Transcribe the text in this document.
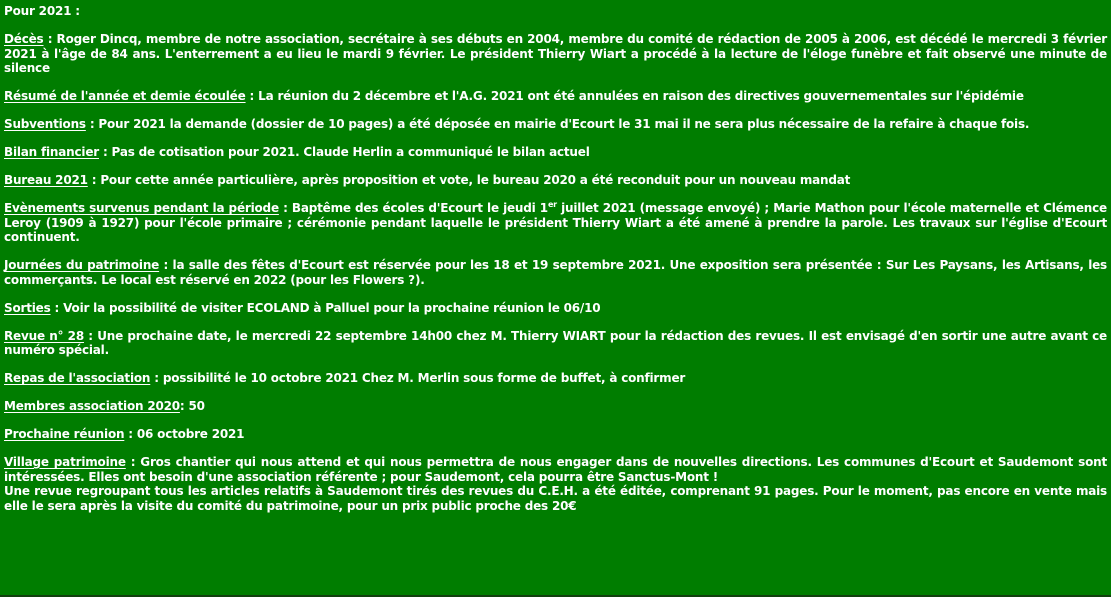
Pour 2021 :

Décès : Roger Dincq, membre de notre association, secrétaire à ses débuts en 2004, membre du comité de rédaction de 2005 à 2006, est décédé le mercredi 3 février 2021 à l'âge de 84 ans. L'enterrement a eu lieu le mardi 9 février. Le président Thierry Wiart a procédé à la lecture de l'éloge funèbre et fait observé une minute de silence

Résumé de l'année et demie écoulée : La réunion du 2 décembre et l'A.G. 2021 ont été annulées en raison des directives gouvernementales sur l'épidémie

Subventions : Pour 2021 la demande (dossier de 10 pages) a été déposée en mairie d'Ecourt le 31 mai il ne sera plus nécessaire de la refaire à chaque fois.

Bilan financier : Pas de cotisation pour 2021. Claude Herlin a communiqué le bilan actuel

Bureau 2021 : Pour cette année particulière, après proposition et vote, le bureau 2020 a été reconduit pour un nouveau mandat

Evènements survenus pendant la période : Baptême des écoles d'Ecourt le jeudi 1er juillet 2021 (message envoyé) ; Marie Mathon pour l'école maternelle et Clémence Leroy (1909 à 1927) pour l'école primaire ; cérémonie pendant laquelle le président Thierry Wiart a été amené à prendre la parole. Les travaux sur l'église d'Ecourt continuent.

Journées du patrimoine : la salle des fêtes d'Ecourt est réservée pour les 18 et 19 septembre 2021. Une exposition sera présentée : Sur Les Paysans, les Artisans, les commerçants. Le local est réservé en 2022 (pour les Flowers ?).

Sorties : Voir la possibilité de visiter ECOLAND à Palluel pour la prochaine réunion le 06/10

Revue n° 28 : Une prochaine date, le mercredi 22 septembre 14h00 chez M. Thierry WIART pour la rédaction des revues. Il est envisagé d'en sortir une autre avant ce numéro spécial.

Repas de l'association : possibilité le 10 octobre 2021 Chez M. Merlin sous forme de buffet, à confirmer

Membres association 2020: 50

Prochaine réunion : 06 octobre 2021

Village patrimoine : Gros chantier qui nous attend et qui nous permettra de nous engager dans de nouvelles directions. Les communes d'Ecourt et Saudemont sont intéressées. Elles ont besoin d'une association référente ; pour Saudemont, cela pourra être Sanctus-Mont !
Une revue regroupant tous les articles relatifs à Saudemont tirés des revues du C.E.H. a été éditée, comprenant 91 pages. Pour le moment, pas encore en vente mais elle le sera après la visite du comité du patrimoine, pour un prix public proche des 20€
